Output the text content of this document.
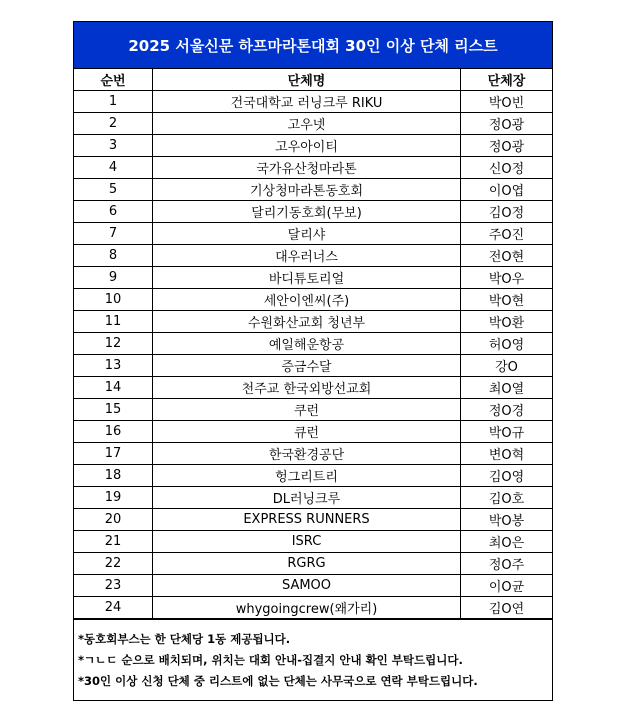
2025 서울신문 하프마라톤대회 30인 이상 단체 리스트
순번	단체명	단체장
1	건국대학교 러닝크루 RIKU	박O빈
2	고우넷	정O광
3	고우아이티	정O광
4	국가유산청마라톤	신O정
5	기상청마라톤동호회	이O엽
6	달리기동호회(무보)	김O정
7	달리샤	주O진
8	대우러너스	전O현
9	바디튜토리얼	박O우
10	세안이엔씨(주)	박O현
11	수원화산교회 청년부	박O환
12	예일해운항공	허O영
13	증금수달	강O
14	천주교 한국외방선교회	최O열
15	쿠런	정O경
16	큐런	박O규
17	한국환경공단	변O혁
18	헝그리트리	김O영
19	DL러닝크루	김O호
20	EXPRESS RUNNERS	박O봉
21	ISRC	최O은
22	RGRG	정O주
23	SAMOO	이O균
24	whygoingcrew(왜가리)	김O연
*동호회부스는 한 단체당 1동 제공됩니다.
*ㄱㄴㄷ 순으로 배치되며, 위치는 대회 안내-집결지 안내 확인 부탁드립니다.
*30인 이상 신청 단체 중 리스트에 없는 단체는 사무국으로 연락 부탁드립니다.
